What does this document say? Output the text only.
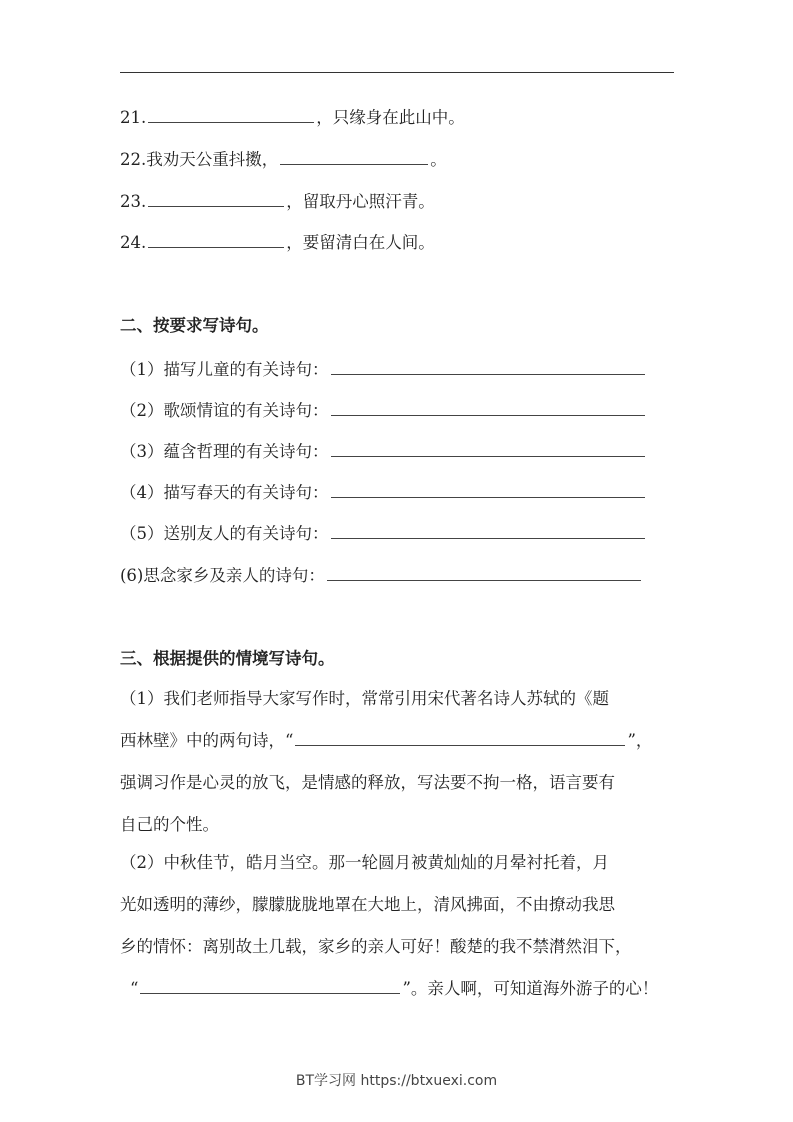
21.	，只缘身在此山中。
22.我劝天公重抖擞，	。
23.	，留取丹心照汗青。
24.	，要留清白在人间。
二、按要求写诗句。
（1）描写儿童的有关诗句：
（2）歌颂情谊的有关诗句：
（3）蕴含哲理的有关诗句：
（4）描写春天的有关诗句：
（5）送别友人的有关诗句：
(6)思念家乡及亲人的诗句：
三、根据提供的情境写诗句。
（1）我们老师指导大家写作时，常常引用宋代著名诗人苏轼的《题
西林壁》中的两句诗，“	”，
强调习作是心灵的放飞，是情感的释放，写法要不拘一格，语言要有
自己的个性。
（2）中秋佳节，皓月当空。那一轮圆月被黄灿灿的月晕衬托着，月
光如透明的薄纱，朦朦胧胧地罩在大地上，清风拂面，不由撩动我思
乡的情怀：离别故土几载，家乡的亲人可好！酸楚的我不禁潸然泪下，
“	”。亲人啊，可知道海外游子的心！
BT学习网 https://btxuexi.com
